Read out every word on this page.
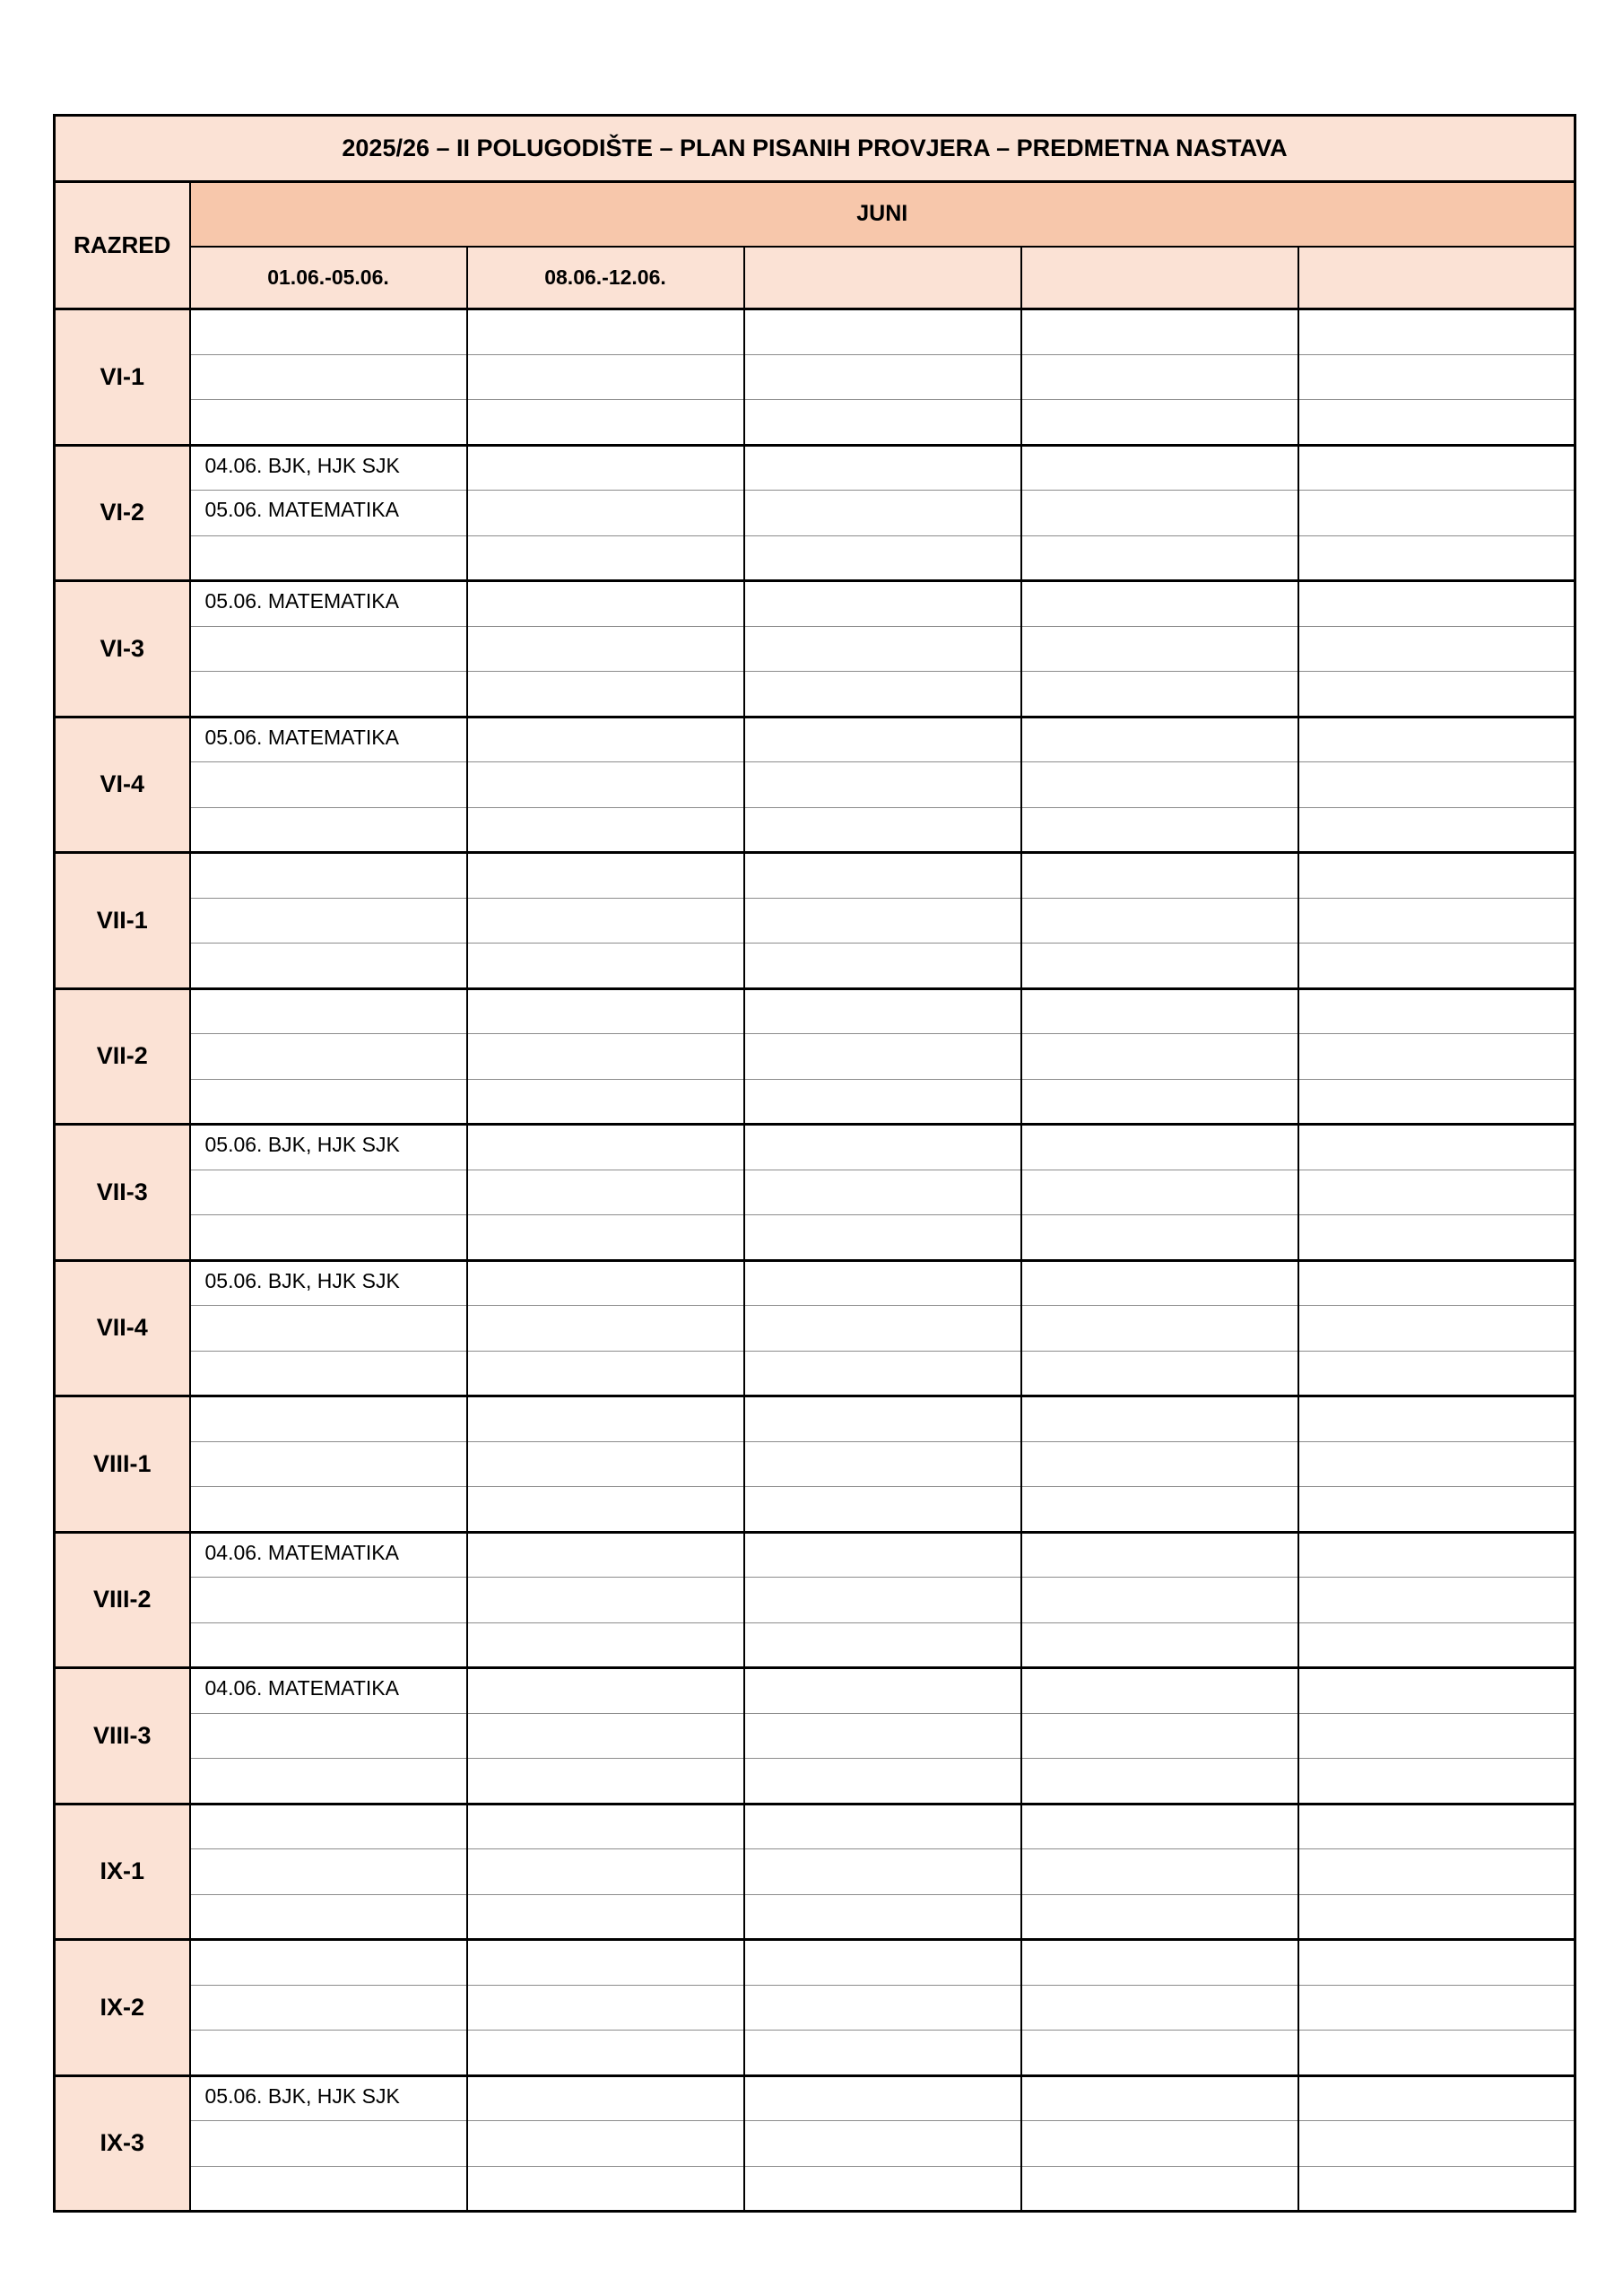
2025/26 – II POLUGODIŠTE – PLAN PISANIH PROVJERA – PREDMETNA NASTAVA					
RAZRED	JUNI				
	01.06.-05.06.	08.06.-12.06.			
VI-1					

VI-2	04.06. BJK, HJK SJK				
	05.06. MATEMATIKA				

VI-3	05.06. MATEMATIKA				

VI-4	05.06. MATEMATIKA				

VII-1					

VII-2					

VII-3	05.06. BJK, HJK SJK				

VII-4	05.06. BJK, HJK SJK				

VIII-1					

VIII-2	04.06. MATEMATIKA				

VIII-3	04.06. MATEMATIKA				

IX-1					

IX-2					

IX-3	05.06. BJK, HJK SJK				
